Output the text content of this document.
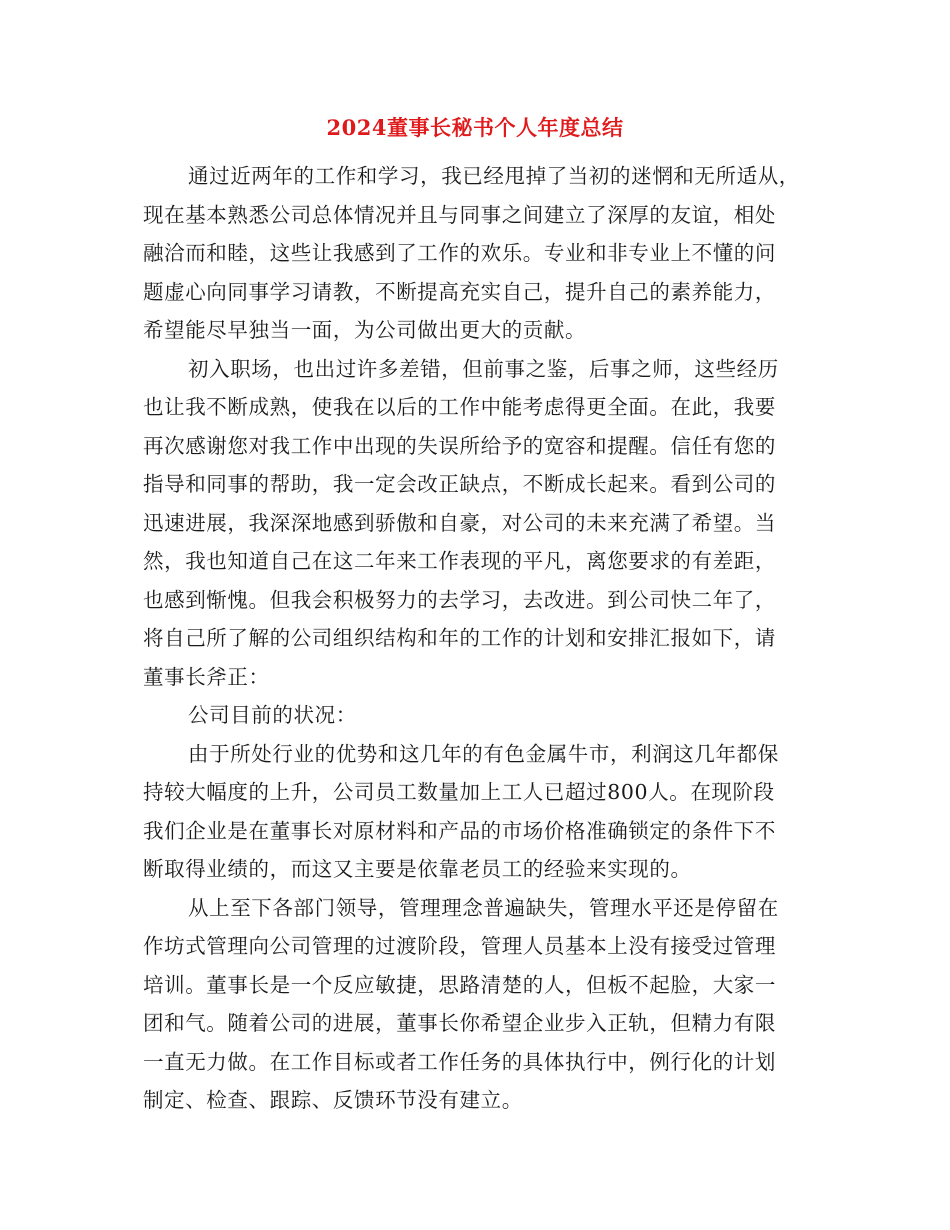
2024董事长秘书个人年度总结
通过近两年的工作和学习，我已经甩掉了当初的迷惘和无所适从，
现在基本熟悉公司总体情况并且与同事之间建立了深厚的友谊，相处
融洽而和睦，这些让我感到了工作的欢乐。专业和非专业上不懂的问
题虚心向同事学习请教，不断提高充实自己，提升自己的素养能力，
希望能尽早独当一面，为公司做出更大的贡献。
初入职场，也出过许多差错，但前事之鉴，后事之师，这些经历
也让我不断成熟，使我在以后的工作中能考虑得更全面。在此，我要
再次感谢您对我工作中出现的失误所给予的宽容和提醒。信任有您的
指导和同事的帮助，我一定会改正缺点，不断成长起来。看到公司的
迅速进展，我深深地感到骄傲和自豪，对公司的未来充满了希望。当
然，我也知道自己在这二年来工作表现的平凡，离您要求的有差距，
也感到惭愧。但我会积极努力的去学习，去改进。到公司快二年了，
将自己所了解的公司组织结构和年的工作的计划和安排汇报如下，请
董事长斧正：
公司目前的状况：
由于所处行业的优势和这几年的有色金属牛市，利润这几年都保
持较大幅度的上升，公司员工数量加上工人已超过800人。在现阶段
我们企业是在董事长对原材料和产品的市场价格准确锁定的条件下不
断取得业绩的，而这又主要是依靠老员工的经验来实现的。
从上至下各部门领导，管理理念普遍缺失，管理水平还是停留在
作坊式管理向公司管理的过渡阶段，管理人员基本上没有接受过管理
培训。董事长是一个反应敏捷，思路清楚的人，但板不起脸，大家一
团和气。随着公司的进展，董事长你希望企业步入正轨，但精力有限
一直无力做。在工作目标或者工作任务的具体执行中，例行化的计划
制定、检查、跟踪、反馈环节没有建立。
